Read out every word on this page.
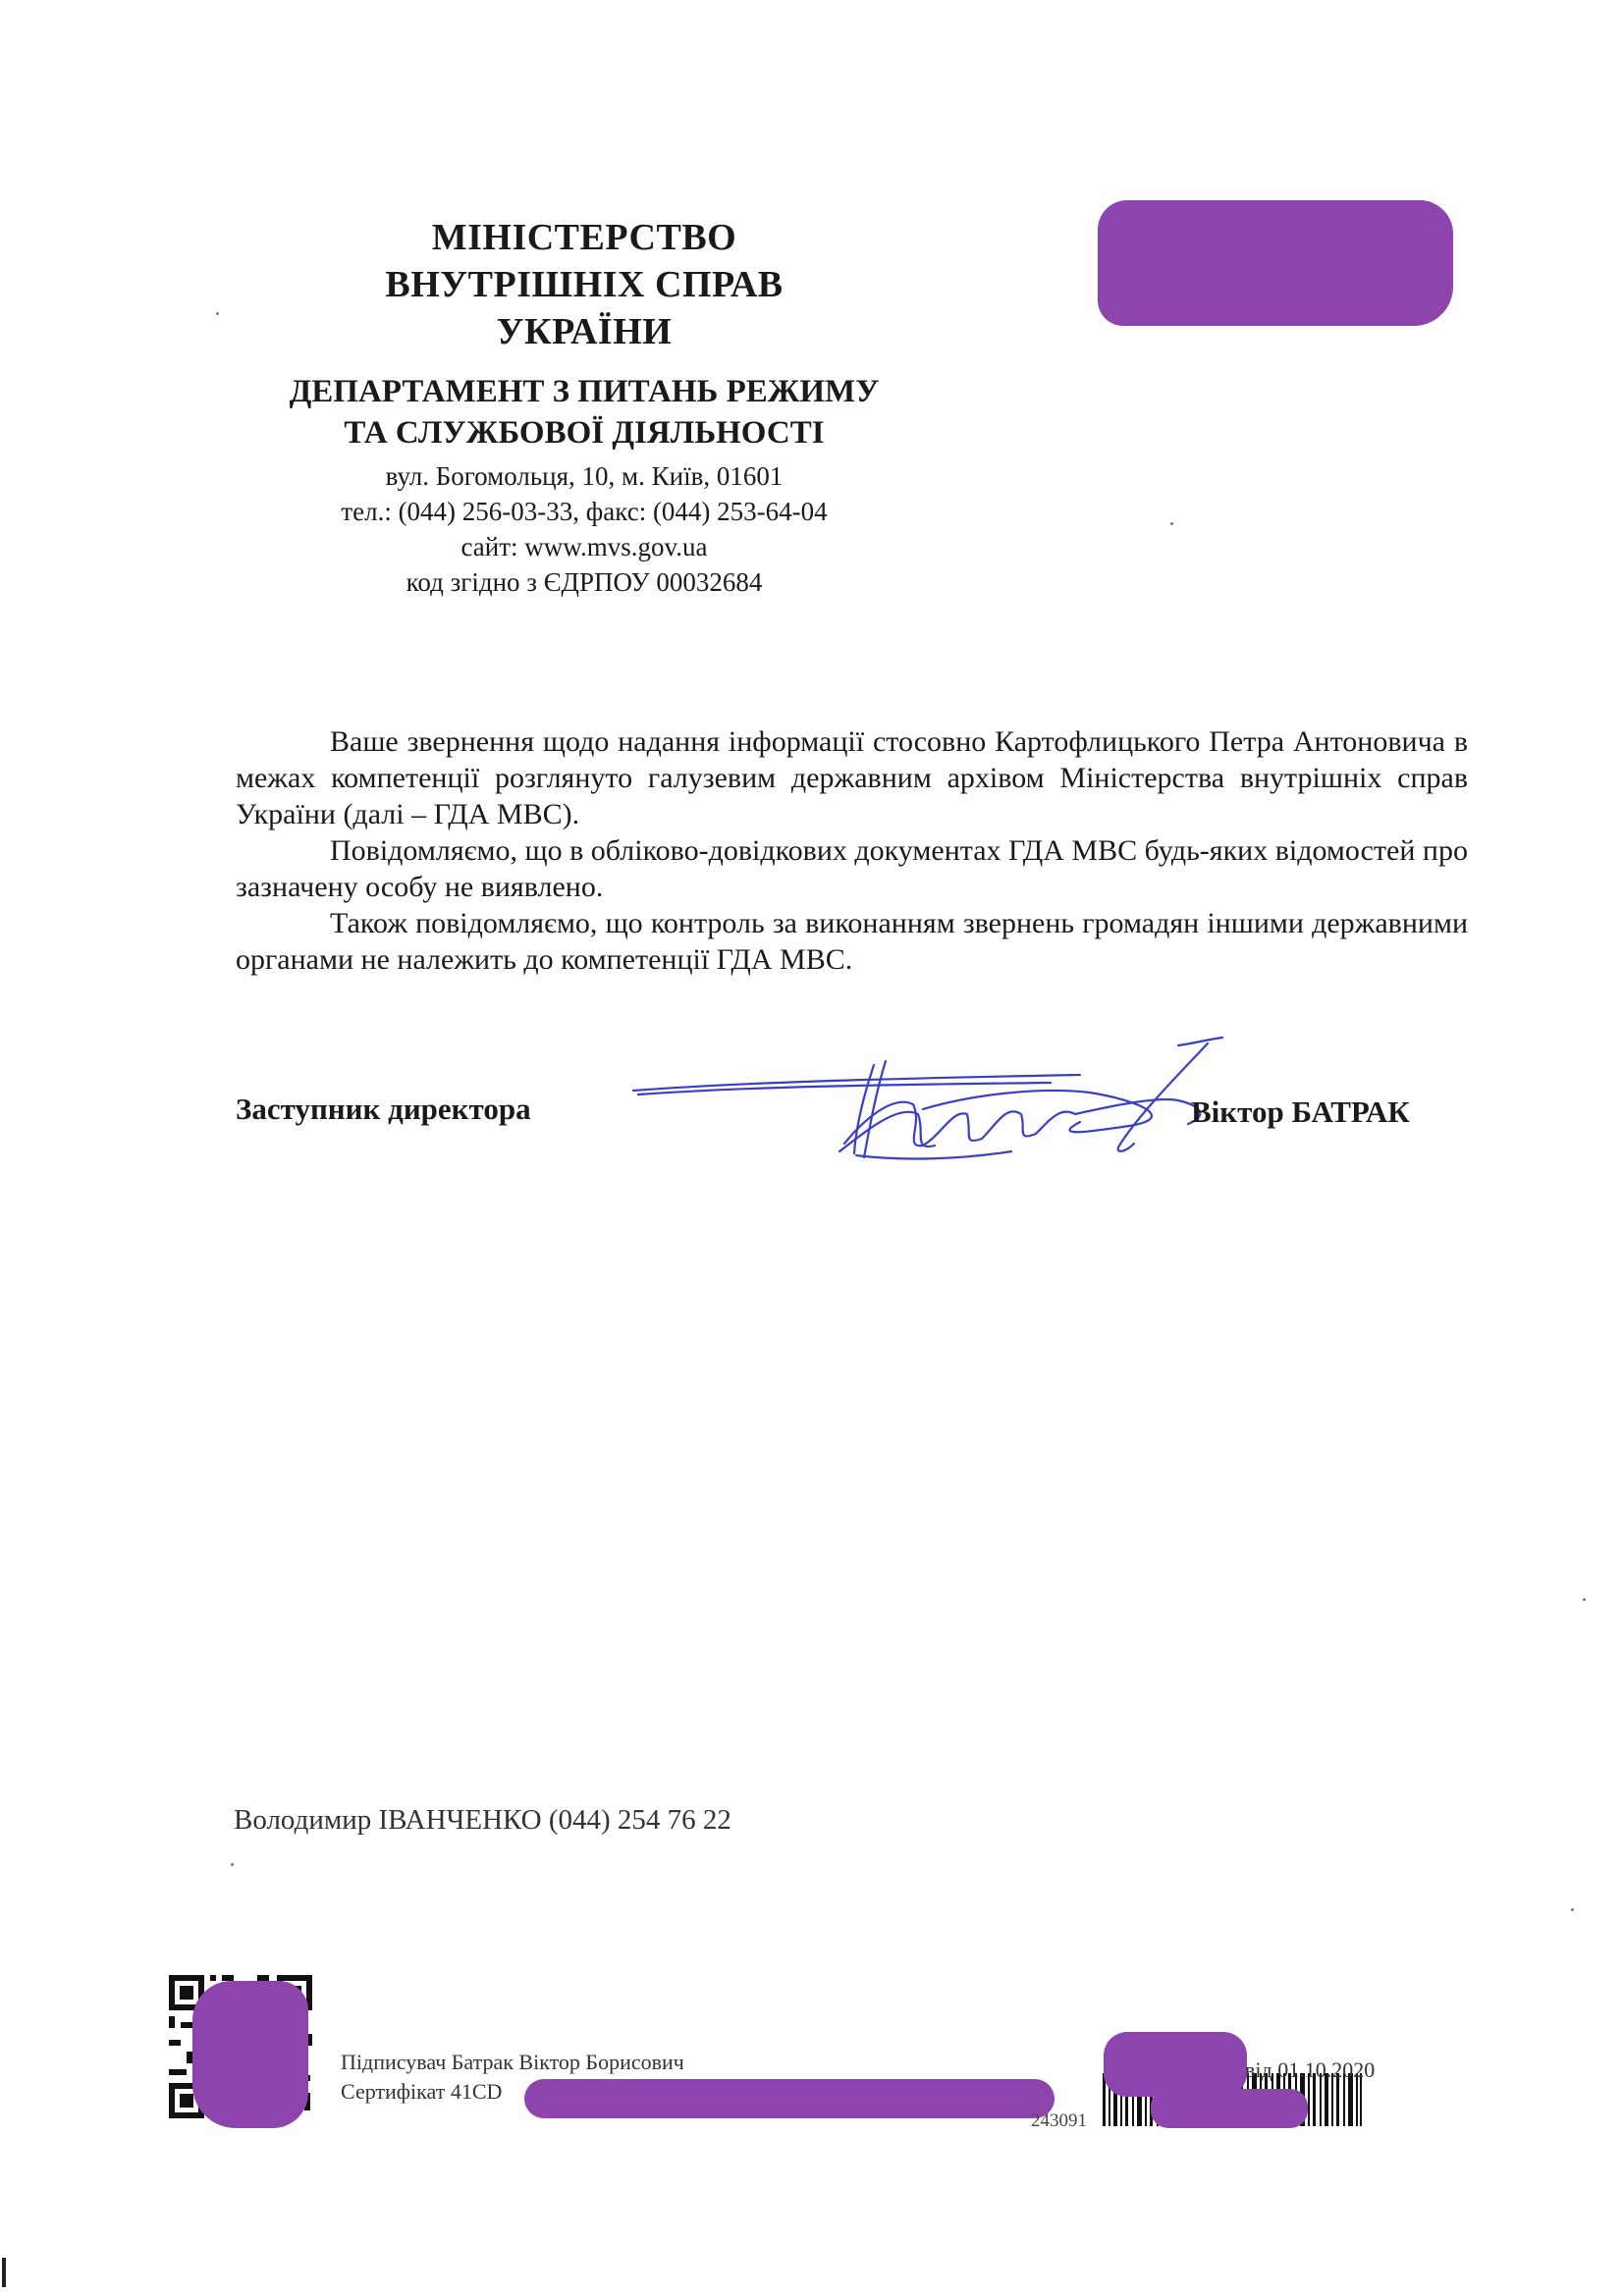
МІНІСТЕРСТВО
ВНУТРІШНІХ СПРАВ
УКРАЇНИ
ДЕПАРТАМЕНТ З ПИТАНЬ РЕЖИМУ
ТА СЛУЖБОВОЇ ДІЯЛЬНОСТІ
вул. Богомольця, 10, м. Київ, 01601
тел.: (044) 256-03-33, факс: (044) 253-64-04
сайт: www.mvs.gov.ua
код згідно з ЄДРПОУ 00032684

Ваше звернення щодо надання інформації стосовно Картофлицького Петра Антоновича в межах компетенції розглянуто галузевим державним архівом Міністерства внутрішніх справ України (далі – ГДА МВС).

Повідомляємо, що в обліково-довідкових документах ГДА МВС будь-яких відомостей про зазначену особу не виявлено.

Також повідомляємо, що контроль за виконанням звернень громадян іншими державними органами не належить до компетенції ГДА МВС.

Заступник директора	Віктор БАТРАК
Володимир ІВАНЧЕНКО (044) 254 76 22
Підписувач Батрак Віктор Борисович
Сертифікат 41CD
243091
від 01.10.2020
